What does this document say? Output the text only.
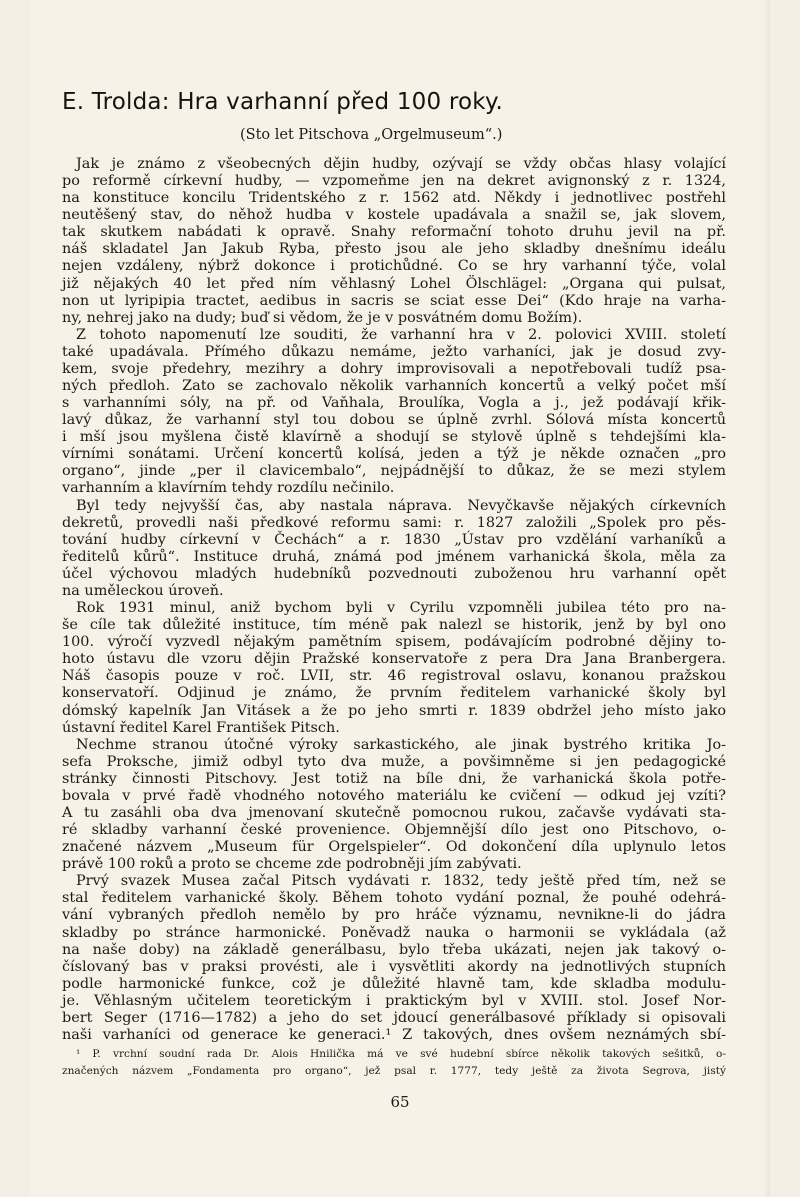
E. Trolda: Hra varhanní před 100 roky.
(Sto let Pitschova „Orgelmuseum“.)
Jak je známo z všeobecných dějin hudby, ozývají se vždy občas hlasy volající
po reformě církevní hudby, — vzpomeňme jen na dekret avignonský z r. 1324,
na konstituce koncilu Tridentského z r. 1562 atd. Někdy i jednotlivec postřehl
neutěšený stav, do něhož hudba v kostele upadávala a snažil se, jak slovem,
tak skutkem nabádati k opravě. Snahy reformační tohoto druhu jevil na př.
náš skladatel Jan Jakub Ryba, přesto jsou ale jeho skladby dnešnímu ideálu
nejen vzdáleny, nýbrž dokonce i protichůdné. Co se hry varhanní týče, volal
již nějakých 40 let před ním věhlasný Lohel Ölschlägel: „Organa qui pulsat,
non ut lyripipia tractet, aedibus in sacris se sciat esse Dei“ (Kdo hraje na varha-
ny, nehrej jako na dudy; buď si vědom, že je v posvátném domu Božím).
Z tohoto napomenutí lze souditi, že varhanní hra v 2. polovici XVIII. století
také upadávala. Přímého důkazu nemáme, ježto varhaníci, jak je dosud zvy-
kem, svoje předehry, mezihry a dohry improvisovali a nepotřebovali tudíž psa-
ných předloh. Zato se zachovalo několik varhanních koncertů a velký počet mší
s varhanními sóly, na př. od Vaňhala, Broulíka, Vogla a j., jež podávají křik-
lavý důkaz, že varhanní styl tou dobou se úplně zvrhl. Sólová místa koncertů
i mší jsou myšlena čistě klavírně a shodují se stylově úplně s tehdejšími kla-
vírními sonátami. Určení koncertů kolísá, jeden a týž je někde označen „pro
organo“, jinde „per il clavicembalo“, nejpádnější to důkaz, že se mezi stylem
varhanním a klavírním tehdy rozdílu nečinilo.
Byl tedy nejvyšší čas, aby nastala náprava. Nevyčkavše nějakých církevních
dekretů, provedli naši předkové reformu sami: r. 1827 založili „Spolek pro pěs-
tování hudby církevní v Čechách“ a r. 1830 „Ústav pro vzdělání varhaníků a
ředitelů kůrů“. Instituce druhá, známá pod jménem varhanická škola, měla za
účel výchovou mladých hudebníků pozvednouti zuboženou hru varhanní opět
na uměleckou úroveň.
Rok 1931 minul, aniž bychom byli v Cyrilu vzpomněli jubilea této pro na-
še cíle tak důležité instituce, tím méně pak nalezl se historik, jenž by byl ono
100. výročí vyzvedl nějakým pamětním spisem, podávajícím podrobné dějiny to-
hoto ústavu dle vzoru dějin Pražské konservatoře z pera Dra Jana Branbergera.
Náš časopis pouze v roč. LVII, str. 46 registroval oslavu, konanou pražskou
konservatoří. Odjinud je známo, že prvním ředitelem varhanické školy byl
dómský kapelník Jan Vitásek a že po jeho smrti r. 1839 obdržel jeho místo jako
ústavní ředitel Karel František Pitsch.
Nechme stranou útočné výroky sarkastického, ale jinak bystrého kritika Jo-
sefa Proksche, jimiž odbyl tyto dva muže, a povšimněme si jen pedagogické
stránky činnosti Pitschovy. Jest totiž na bíle dni, že varhanická škola potře-
bovala v prvé řadě vhodného notového materiálu ke cvičení — odkud jej vzíti?
A tu zasáhli oba dva jmenovaní skutečně pomocnou rukou, začavše vydávati sta-
ré skladby varhanní české provenience. Objemnější dílo jest ono Pitschovo, o-
značené názvem „Museum für Orgelspieler“. Od dokončení díla uplynulo letos
právě 100 roků a proto se chceme zde podrobněji jím zabývati.
Prvý svazek Musea začal Pitsch vydávati r. 1832, tedy ještě před tím, než se
stal ředitelem varhanické školy. Během tohoto vydání poznal, že pouhé odehrá-
vání vybraných předloh nemělo by pro hráče významu, nevnikne-li do jádra
skladby po stránce harmonické. Poněvadž nauka o harmonii se vykládala (až
na naše doby) na základě generálbasu, bylo třeba ukázati, nejen jak takový o-
číslovaný bas v praksi provésti, ale i vysvětliti akordy na jednotlivých stupních
podle harmonické funkce, což je důležité hlavně tam, kde skladba modulu-
je. Věhlasným učitelem teoretickým i praktickým byl v XVIII. stol. Josef Nor-
bert Seger (1716—1782) a jeho do set jdoucí generálbasové příklady si opisovali
naši varhaníci od generace ke generaci.¹ Z takových, dnes ovšem neznámých sbí-
¹ P. vrchní soudní rada Dr. Alois Hnilička má ve své hudební sbírce několik takových sešitků, o-
značených názvem „Fondamenta pro organo“, jež psal r. 1777, tedy ještě za života Segrova, jistý
65
